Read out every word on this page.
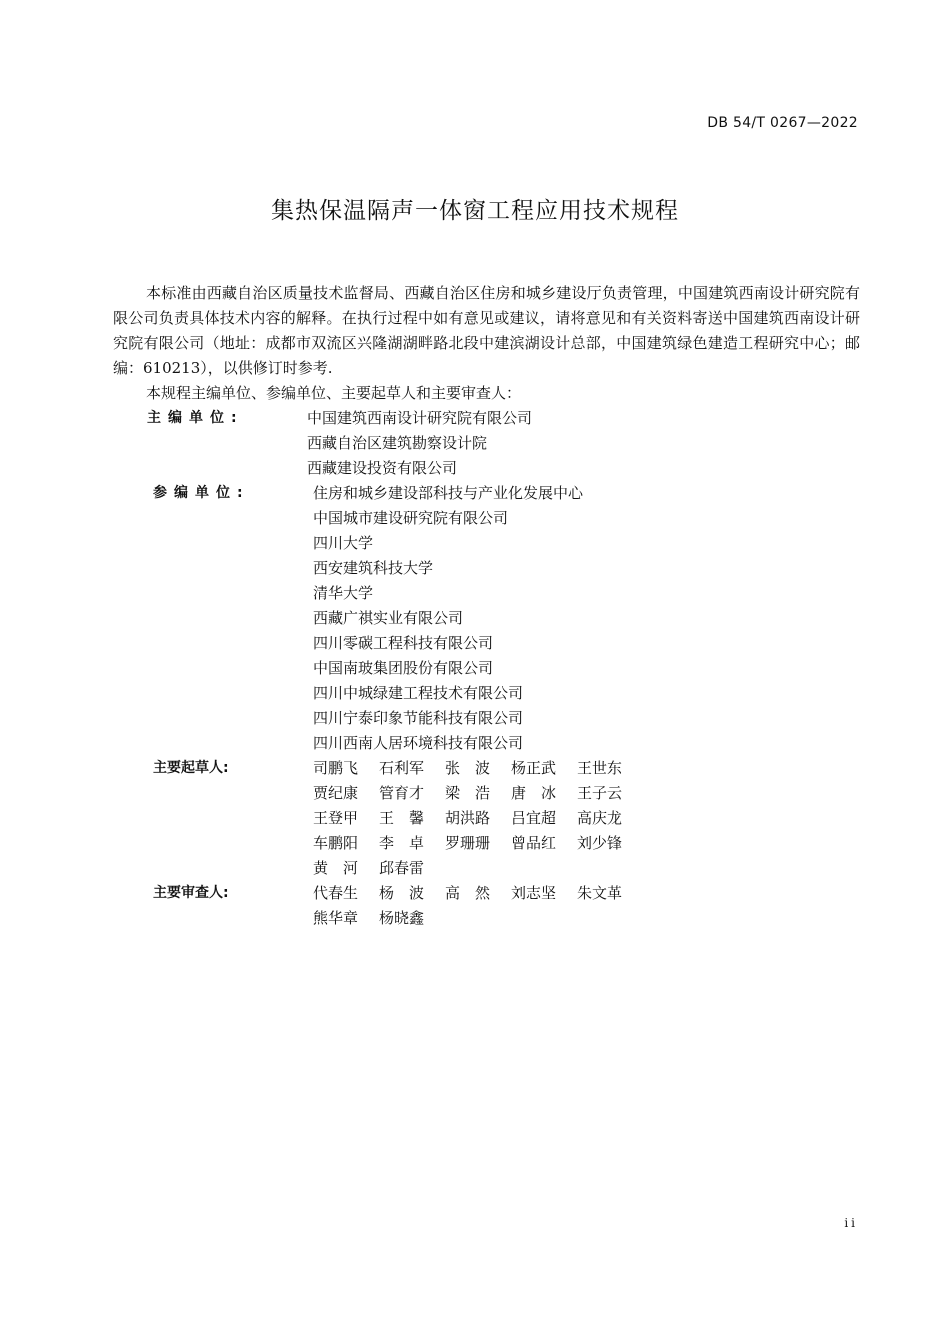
DB 54/T 0267—2022
集热保温隔声一体窗工程应用技术规程

本标准由西藏自治区质量技术监督局、西藏自治区住房和城乡建设厅负责管理，中国建筑西南设计研究院有限公司负责具体技术内容的解释。在执行过程中如有意见或建议，请将意见和有关资料寄送中国建筑西南设计研究院有限公司（地址：成都市双流区兴隆湖湖畔路北段中建滨湖设计总部，中国建筑绿色建造工程研究中心；邮编：610213），以供修订时参考.

本规程主编单位、参编单位、主要起草人和主要审查人：

主编单位:	中国建筑西南设计研究院有限公司
西藏自治区建筑勘察设计院
西藏建设投资有限公司
参编单位:	住房和城乡建设部科技与产业化发展中心
中国城市建设研究院有限公司
四川大学
西安建筑科技大学
清华大学
西藏广祺实业有限公司
四川零碳工程科技有限公司
中国南玻集团股份有限公司
四川中城绿建工程技术有限公司
四川宁泰印象节能科技有限公司
四川西南人居环境科技有限公司
主要起草人:	司鹏飞 石利军 张　波 杨正武 王世东
贾纪康 管育才 梁　浩 唐　冰 王子云
王登甲 王　馨 胡洪路 吕宜超 高庆龙
车鹏阳 李　卓 罗珊珊 曾品红 刘少锋
黄　河 邱春雷
主要审查人:	代春生 杨　波 高　然 刘志坚 朱文革
熊华章 杨晓鑫
ii
